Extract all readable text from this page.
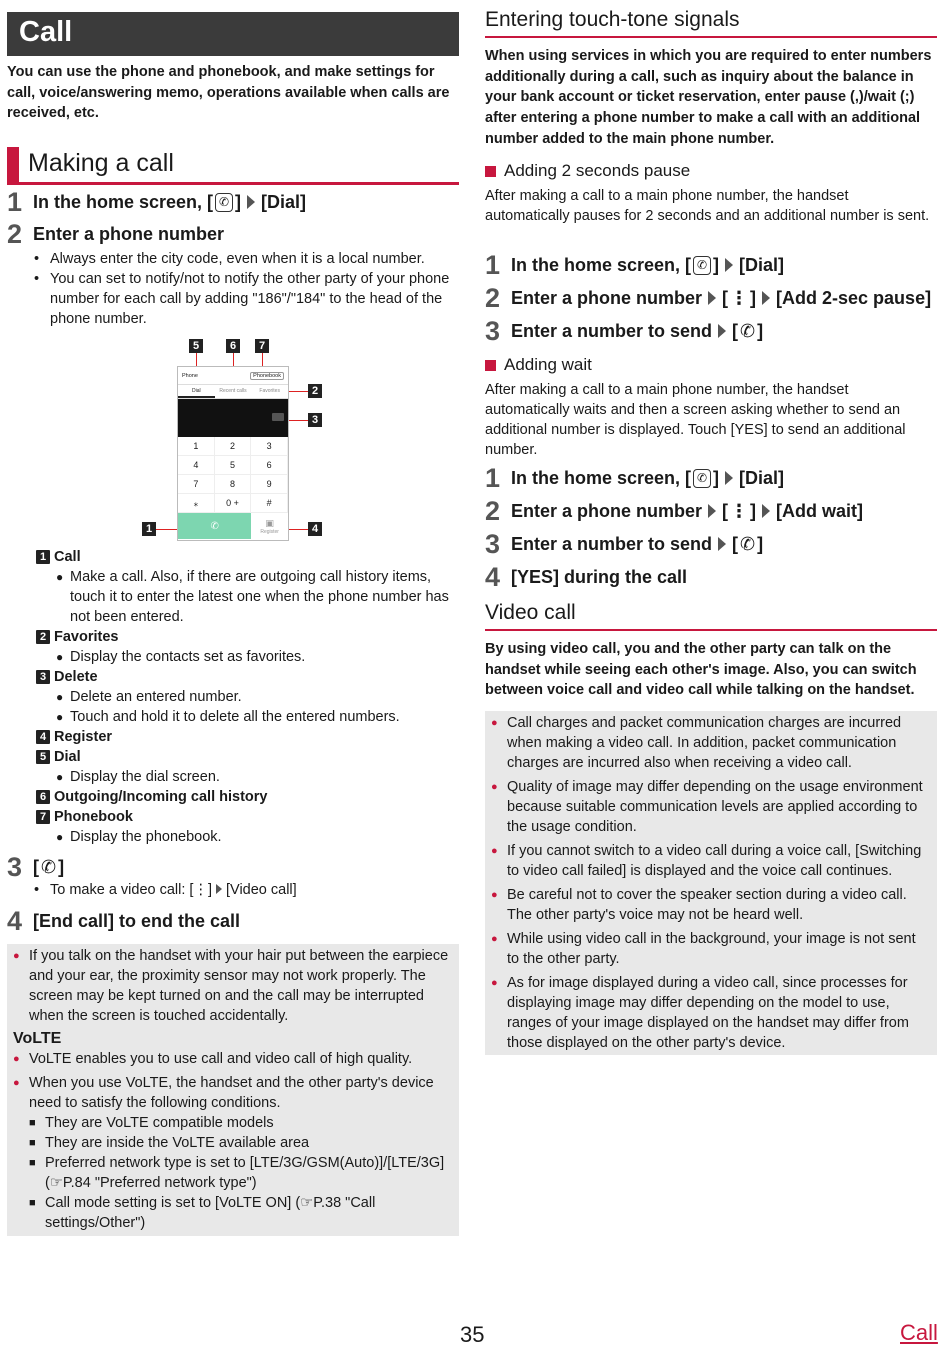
Call
You can use the phone and phonebook, and make settings for call, voice/answering memo, operations available when calls are received, etc.
Making a call
1 In the home screen, [ ✆ ] [Dial]
2 Enter a phone number
• Always enter the city code, even when it is a local number.
• You can set to notify/not to notify the other party of your phone number for each call by adding "186"/"184" to the head of the phone number.
5	6	7
2
3
1	4
Phone	Phonebook
Dial	Recent calls	Favorites
1	2	3
4	5	6
7	8	9
⁎	0 +	#
✆	▣
Register
1 Call
● Make a call. Also, if there are outgoing call history items, touch it to enter the latest one when the phone number has not been entered.
2 Favorites
● Display the contacts set as favorites.
3 Delete
● Delete an entered number.
● Touch and hold it to delete all the entered numbers.
4 Register
5 Dial
● Display the dial screen.
6 Outgoing/Incoming call history
7 Phonebook
● Display the phonebook.
3 [ ✆ ]
• To make a video call: [⋮] [Video call]
4 [End call] to end the call
● If you talk on the handset with your hair put between the earpiece and your ear, the proximity sensor may not work properly. The screen may be kept turned on and the call may be interrupted when the screen is touched accidentally.
VoLTE
● VoLTE enables you to use call and video call of high quality.
● When you use VoLTE, the handset and the other party's device need to satisfy the following conditions.
■ They are VoLTE compatible models
■ They are inside the VoLTE available area
■ Preferred network type is set to [LTE/3G/GSM(Auto)]/[LTE/3G] (☞P.84 "Preferred network type")
■ Call mode setting is set to [VoLTE ON] (☞P.38 "Call settings/Other")
Entering touch-tone signals
When using services in which you are required to enter numbers additionally during a call, such as inquiry about the balance in your bank account or ticket reservation, enter pause (,)/wait (;) after entering a phone number to make a call with an additional number added to the main phone number.
Adding 2 seconds pause
After making a call to a main phone number, the handset automatically pauses for 2 seconds and an additional number is sent.
1 In the home screen, [ ✆ ] [Dial]
2 Enter a phone number [ ⋮ ] [Add 2-sec pause]
3 Enter a number to send [ ✆ ]
Adding wait
After making a call to a main phone number, the handset automatically waits and then a screen asking whether to send an additional number is displayed. Touch [YES] to send an additional number.
1 In the home screen, [ ✆ ] [Dial]
2 Enter a phone number [ ⋮ ] [Add wait]
3 Enter a number to send [ ✆ ]
4 [YES] during the call
Video call
By using video call, you and the other party can talk on the handset while seeing each other's image. Also, you can switch between voice call and video call while talking on the handset.
● Call charges and packet communication charges are incurred when making a video call. In addition, packet communication charges are incurred also when receiving a video call.
● Quality of image may differ depending on the usage environment because suitable communication levels are applied according to the usage condition.
● If you cannot switch to a video call during a voice call, [Switching to video call failed] is displayed and the voice call continues.
● Be careful not to cover the speaker section during a video call. The other party's voice may not be heard well.
● While using video call in the background, your image is not sent to the other party.
● As for image displayed during a video call, since processes for displaying image may differ depending on the model to use, ranges of your image displayed on the handset may differ from those displayed on the other party's device.
35	Call
